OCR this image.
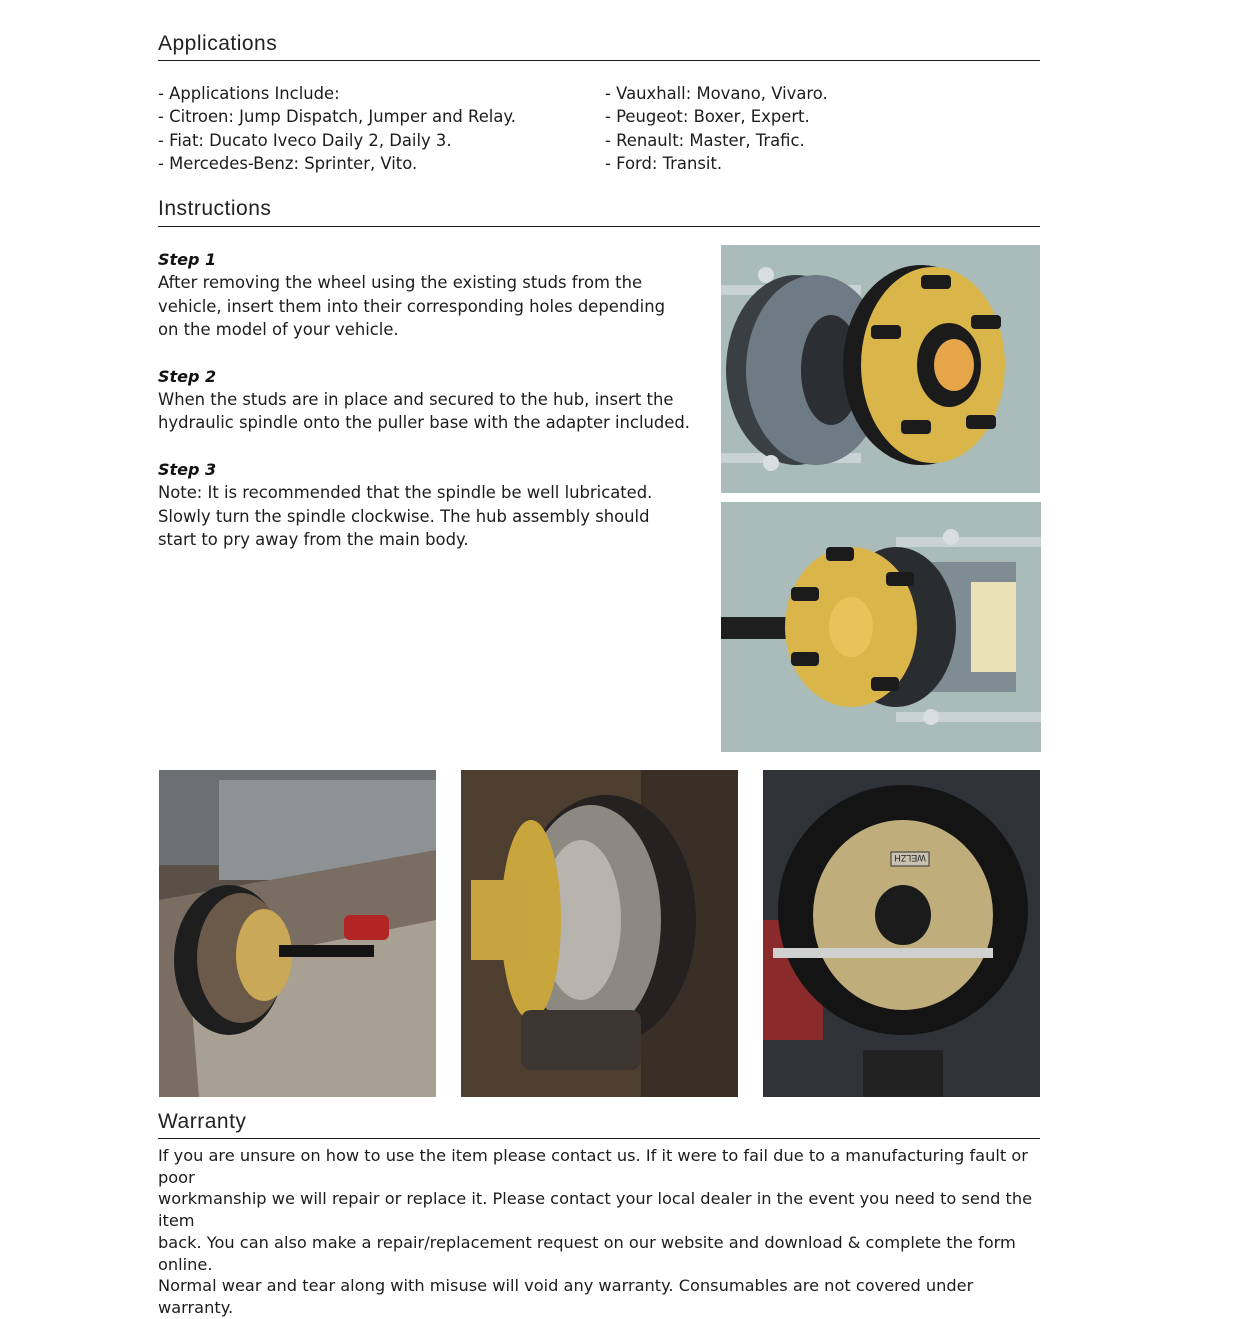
Applications
- Applications Include:
- Citroen: Jump Dispatch, Jumper and Relay.
- Fiat: Ducato Iveco Daily 2, Daily 3.
- Mercedes-Benz: Sprinter, Vito.
- Vauxhall: Movano, Vivaro.
- Peugeot: Boxer, Expert.
- Renault: Master, Trafic.
- Ford: Transit.
Instructions
Step 1
After removing the wheel using the existing studs from the
vehicle, insert them into their corresponding holes depending
on the model of your vehicle.
Step 2
When the studs are in place and secured to the hub, insert the
hydraulic spindle onto the puller base with the adapter included.
Step 3
Note: It is recommended that the spindle be well lubricated.
Slowly turn the spindle clockwise. The hub assembly should
start to pry away from the main body.
WELZH
Warranty
If you are unsure on how to use the item please contact us. If it were to fail due to a manufacturing fault or poor
workmanship we will repair or replace it. Please contact your local dealer in the event you need to send the item
back. You can also make a repair/replacement request on our website and download & complete the form online.
Normal wear and tear along with misuse will void any warranty. Consumables are not covered under warranty.
